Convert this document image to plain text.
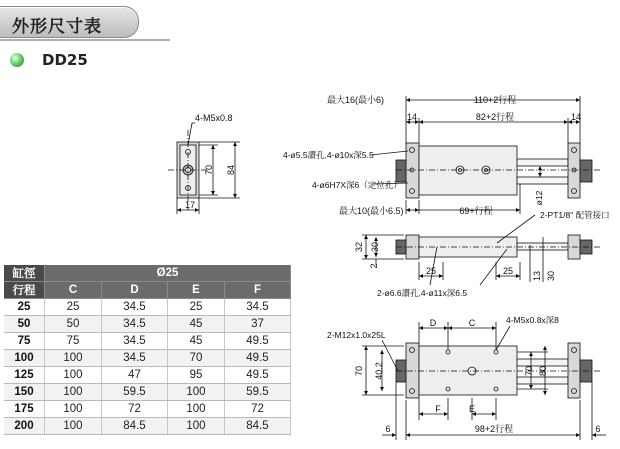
外形尺寸表
DD25
4-M5x0.8
70 84
17
最大16(最小6)	110+2行程
14	82+2行程	14
4-ø5.5讚孔,4-ø10x深5.5
4-ø6H7X深6（定位孔）
最大10(最小6.5)	69+行程
ø12
2-PT1/8" 配管接口
32 30
2	25	25 13 30
2-ø6.6讚孔,4-ø11x深6.5
2-M12x1.0x25L
D	C	4-M5x0.8x深8
70 40.2	70 80
F	E
6	98+2行程	6
缸徑	Ø25			
行程	C	D	E	F
25	25	34.5	25	34.5
50	50	34.5	45	37
75	75	34.5	45	49.5
100	100	34.5	70	49.5
125	100	47	95	49.5
150	100	59.5	100	59.5
175	100	72	100	72
200	100	84.5	100	84.5
